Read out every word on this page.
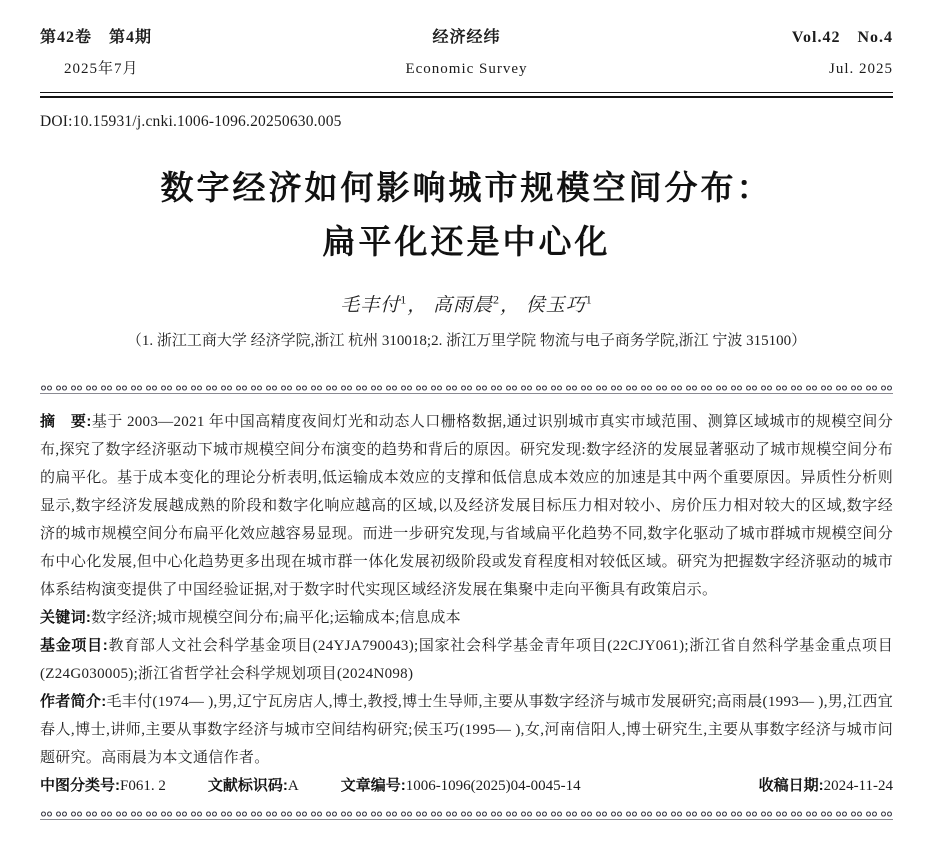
第42卷　第4期
2025年7月
经济经纬
Economic Survey
Vol.42　No.4
Jul. 2025
DOI:10.15931/j.cnki.1006-1096.20250630.005
数字经济如何影响城市规模空间分布：
扁平化还是中心化
毛丰付$^1$， 高雨晨$^2$， 侯玉巧$^1$
（1. 浙江工商大学 经济学院,浙江 杭州 310018;2. 浙江万里学院 物流与电子商务学院,浙江 宁波 315100）

摘　要:基于 2003—2021 年中国高精度夜间灯光和动态人口栅格数据,通过识别城市真实市域范围、测算区域城市的规模空间分布,探究了数字经济驱动下城市规模空间分布演变的趋势和背后的原因。研究发现:数字经济的发展显著驱动了城市规模空间分布的扁平化。基于成本变化的理论分析表明,低运输成本效应的支撑和低信息成本效应的加速是其中两个重要原因。异质性分析则显示,数字经济发展越成熟的阶段和数字化响应越高的区域,以及经济发展目标压力相对较小、房价压力相对较大的区域,数字经济的城市规模空间分布扁平化效应越容易显现。而进一步研究发现,与省域扁平化趋势不同,数字化驱动了城市群城市规模空间分布中心化发展,但中心化趋势更多出现在城市群一体化发展初级阶段或发育程度相对较低区域。研究为把握数字经济驱动的城市体系结构演变提供了中国经验证据,对于数字时代实现区域经济发展在集聚中走向平衡具有政策启示。

关键词:数字经济;城市规模空间分布;扁平化;运输成本;信息成本

基金项目:教育部人文社会科学基金项目(24YJA790043);国家社会科学基金青年项目(22CJY061);浙江省自然科学基金重点项目(Z24G030005);浙江省哲学社会科学规划项目(2024N098)

作者简介:毛丰付(1974— ),男,辽宁瓦房店人,博士,教授,博士生导师,主要从事数字经济与城市发展研究;高雨晨(1993— ),男,江西宜春人,博士,讲师,主要从事数字经济与城市空间结构研究;侯玉巧(1995— ),女,河南信阳人,博士研究生,主要从事数字经济与城市问题研究。高雨晨为本文通信作者。

中图分类号:F061. 2	文献标识码:A	文章编号:1006-1096(2025)04-0045-14	收稿日期:2024-11-24
